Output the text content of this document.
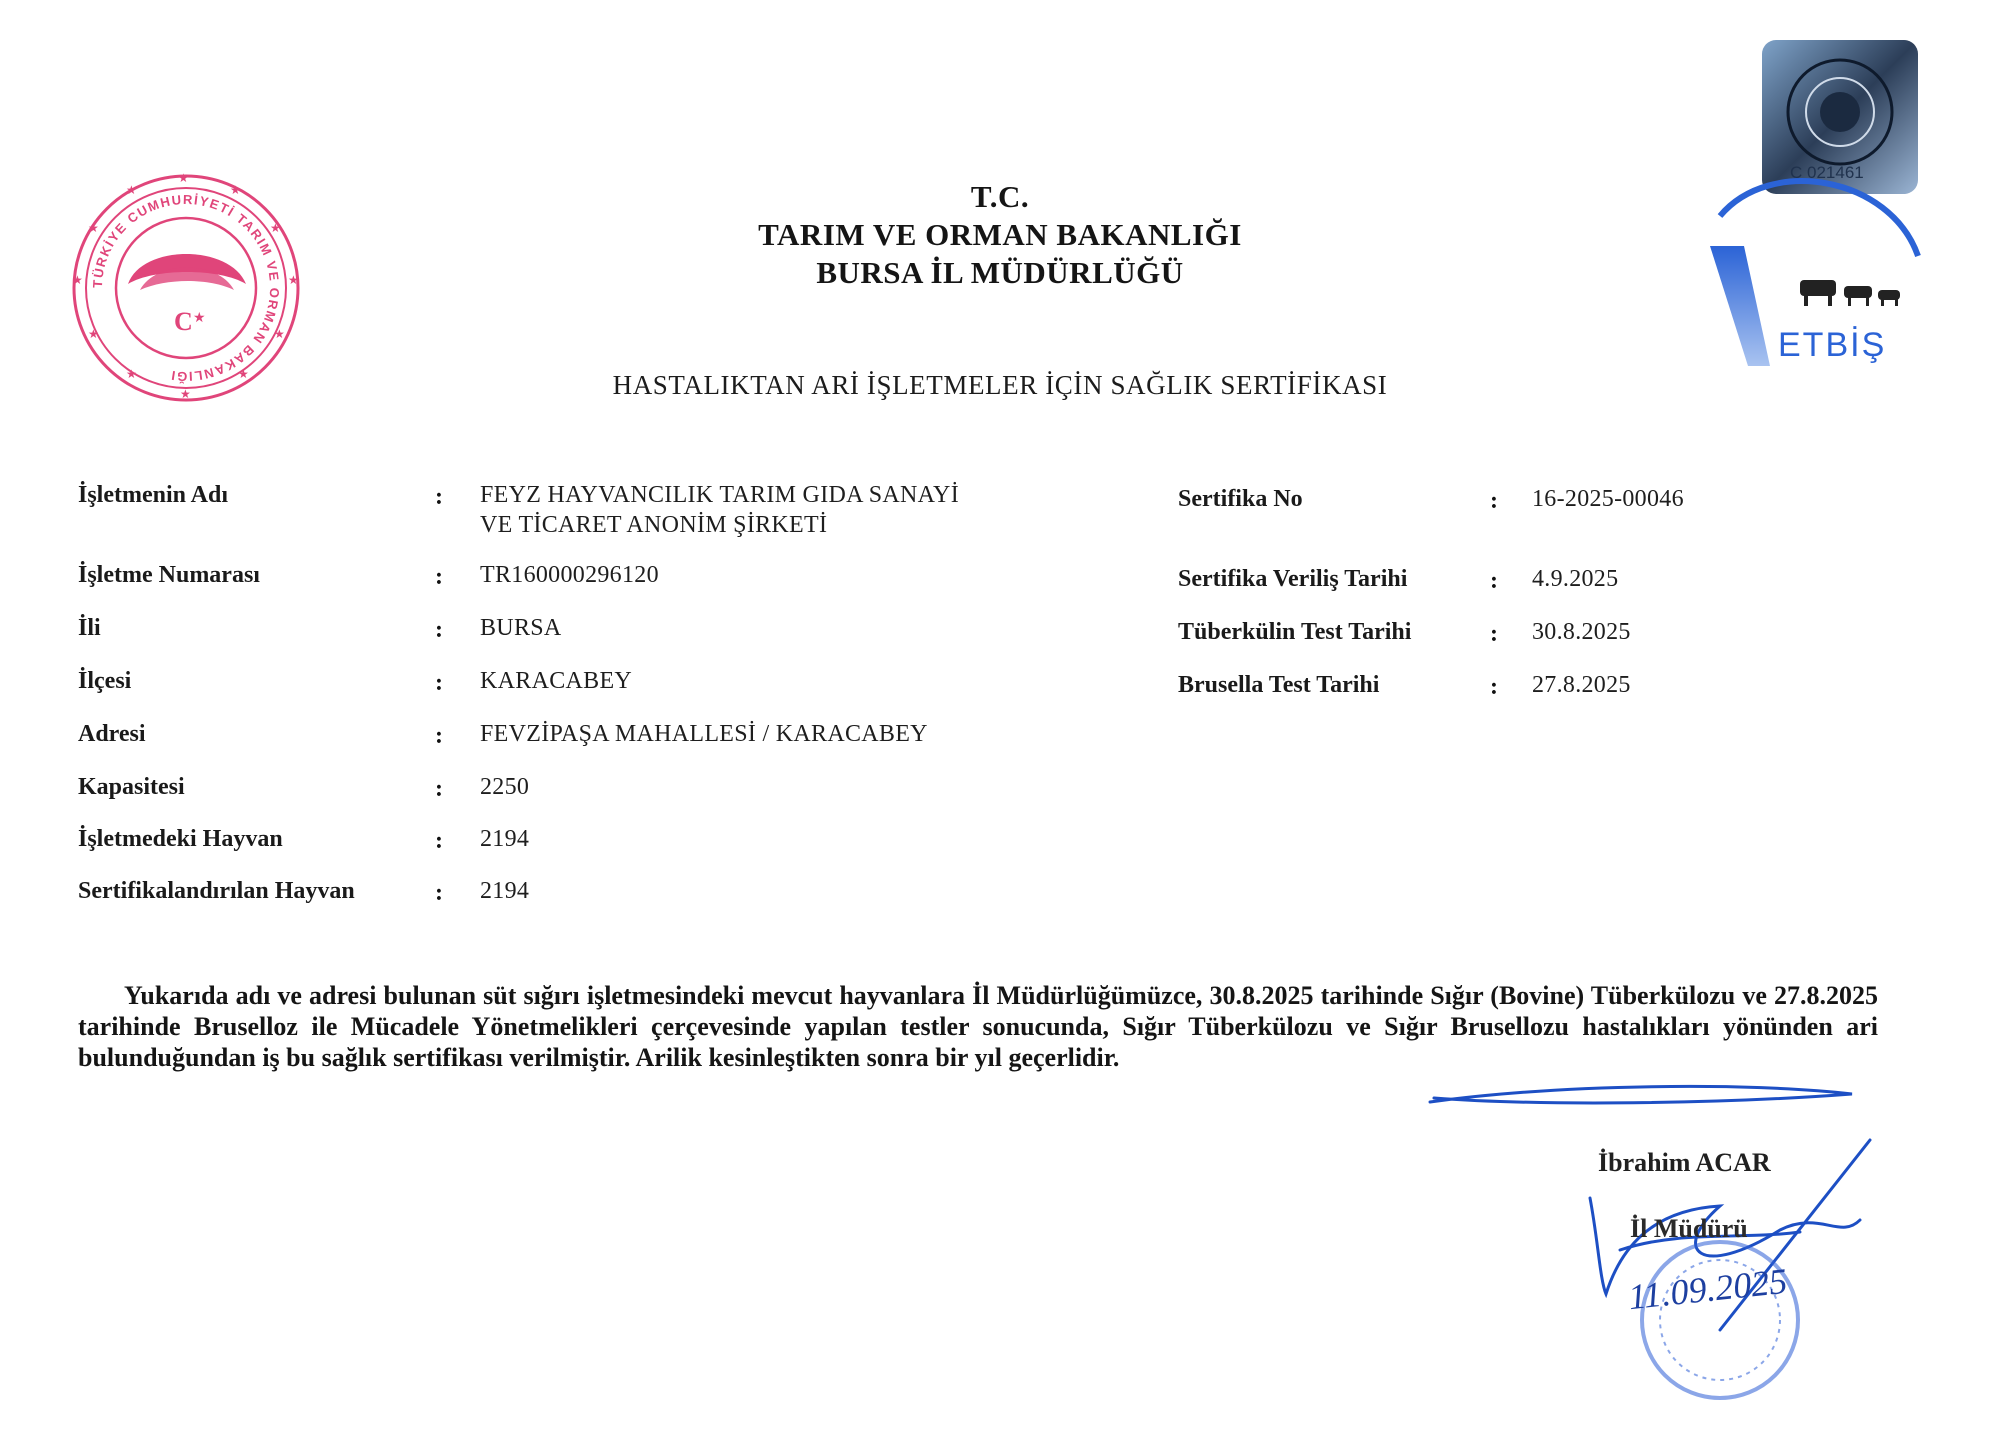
TÜRKİYE CUMHURİYETİ TARIM VE ORMAN BAKANLIĞI
C ★
★
★
★
★
★
★
★
★
★
★
★
★
C 021461
ETBİŞ
T.C.
TARIM VE ORMAN BAKANLIĞI
BURSA İL MÜDÜRLÜĞÜ
HASTALIKTAN ARİ İŞLETMELER İÇİN SAĞLIK SERTİFİKASI
İşletmenin Adı	: FEYZ HAYVANCILIK TARIM GIDA SANAYİ
VE TİCARET ANONİM ŞİRKETİ
İşletme Numarası	: TR160000296120
İli	: BURSA
İlçesi	: KARACABEY
Adresi	: FEVZİPAŞA MAHALLESİ / KARACABEY
Kapasitesi	: 2250
İşletmedeki Hayvan	: 2194
Sertifikalandırılan Hayvan	: 2194
Sertifika No	: 16-2025-00046
Sertifika Veriliş Tarihi	: 4.9.2025
Tüberkülin Test Tarihi	: 30.8.2025
Brusella Test Tarihi	: 27.8.2025

Yukarıda adı ve adresi bulunan süt sığırı işletmesindeki mevcut hayvanlara İl Müdürlüğümüzce, 30.8.2025 tarihinde Sığır (Bovine) Tüberkülozu ve 27.8.2025 tarihinde Bruselloz ile Mücadele Yönetmelikleri çerçevesinde yapılan testler sonucunda, Sığır Tüberkülozu ve Sığır Brusellozu hastalıkları yönünden ari bulunduğundan iş bu sağlık sertifikası verilmiştir. Arilik kesinleştikten sonra bir yıl geçerlidir.

İbrahim ACAR
İl Müdürü
11.09.2025
